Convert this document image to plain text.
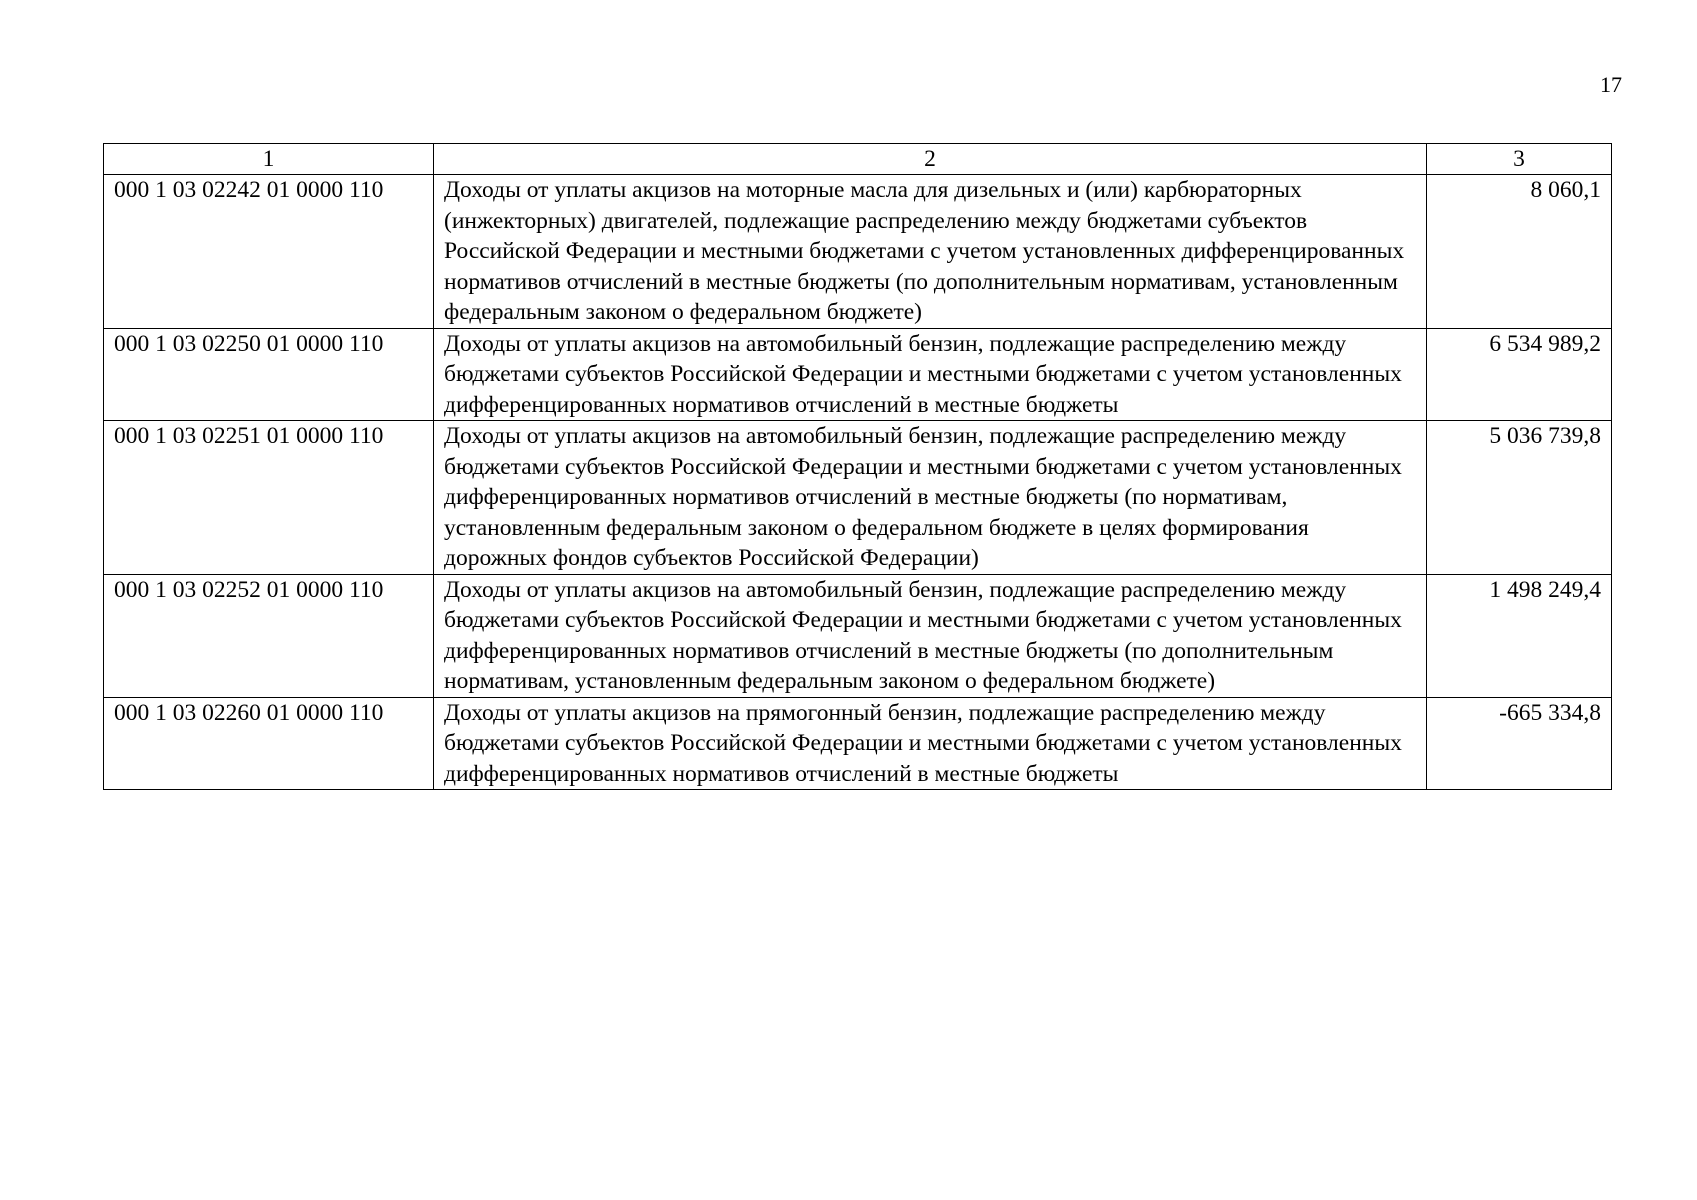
17
1	2	3
000 1 03 02242 01 0000 110	Доходы от уплаты акцизов на моторные масла для дизельных и (или) карбюраторных (инжекторных) двигателей, подлежащие распределению между бюджетами субъектов Российской Федерации и местными бюджетами с учетом установленных дифференцированных нормативов отчислений в местные бюджеты (по дополнительным нормативам, установленным федеральным законом о федеральном бюджете)	8 060,1
000 1 03 02250 01 0000 110	Доходы от уплаты акцизов на автомобильный бензин, подлежащие распределению между бюджетами субъектов Российской Федерации и местными бюджетами с учетом установленных дифференцированных нормативов отчислений в местные бюджеты	6 534 989,2
000 1 03 02251 01 0000 110	Доходы от уплаты акцизов на автомобильный бензин, подлежащие распределению между бюджетами субъектов Российской Федерации и местными бюджетами с учетом установленных дифференцированных нормативов отчислений в местные бюджеты (по нормативам, установленным федеральным законом о федеральном бюджете в целях формирования дорожных фондов субъектов Российской Федерации)	5 036 739,8
000 1 03 02252 01 0000 110	Доходы от уплаты акцизов на автомобильный бензин, подлежащие распределению между бюджетами субъектов Российской Федерации и местными бюджетами с учетом установленных дифференцированных нормативов отчислений в местные бюджеты (по дополнительным нормативам, установленным федеральным законом о федеральном бюджете)	1 498 249,4
000 1 03 02260 01 0000 110	Доходы от уплаты акцизов на прямогонный бензин, подлежащие распределению между бюджетами субъектов Российской Федерации и местными бюджетами с учетом установленных дифференцированных нормативов отчислений в местные бюджеты	-665 334,8
